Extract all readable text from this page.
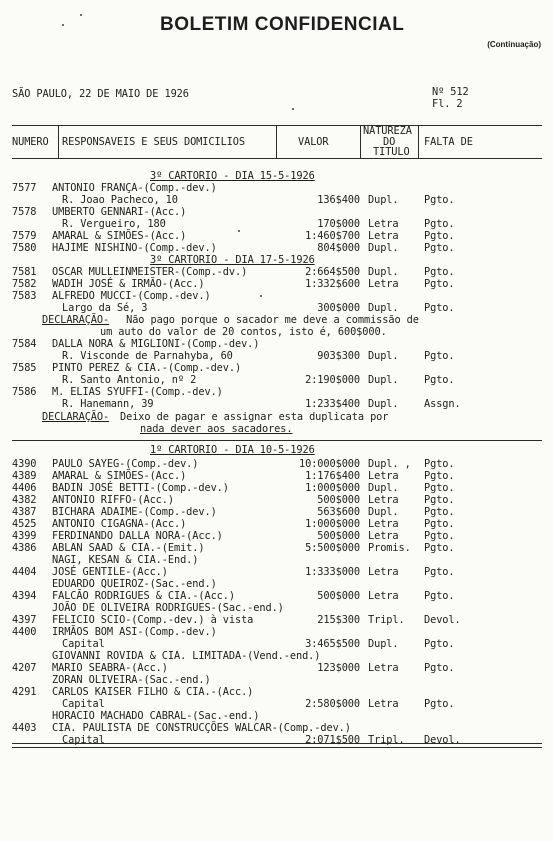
BOLETIM CONFIDENCIAL
(Continuação)
SÃO PAULO, 22 DE MAIO DE 1926	Nº 512
Fl. 2
NUMERO RESPONSAVEIS E SEUS DOMICILIOS	VALOR
NATUREZA
DO
TITULO
FALTA DE
3º CARTORIO - DIA 15-5-1926
3º CARTORIO - DIA 17-5-1926
1º CARTORIO - DIA 10-5-1926
DECLARAÇÃO- Não pago porque o sacador me deve a commissão de
um auto do valor de 20 contos, isto é, 600$000.
DECLARAÇÃO- Deixo de pagar e assignar esta duplicata por
nada dever aos sacadores.
7577 ANTONIO FRANÇA-(Comp.-dev.)
R. Joao Pacheco, 10	136$400 Dupl. Pgto.
7578 UMBERTO GENNARI-(Acc.)
R. Vergueiro, 180	170$000 Letra Pgto.
7579 AMARAL & SIMÕES-(Acc.)	1:460$700 Letra Pgto.
7580 HAJIME NISHINO-(Comp.-dev.)	804$000 Dupl. Pgto.
7581 OSCAR MULLEINMEISTER-(Comp.-dv.)	2:664$500 Dupl. Pgto.
7582 WADIH JOSÉ & IRMÃO-(Acc.)	1:332$600 Letra Pgto.
7583 ALFREDO MUCCI-(Comp.-dev.)
Largo da Sé, 3	300$000 Dupl. Pgto.
7584 DALLA NORA & MIGLIONI-(Comp.-dev.)
R. Visconde de Parnahyba, 60	903$300 Dupl. Pgto.
7585 PINTO PEREZ & CIA.-(Comp.-dev.)
R. Santo Antonio, nº 2	2:190$000 Dupl. Pgto.
7586 M. ELIAS SYUFFI-(Comp.-dev.)
R. Hanemann, 39	1:233$400 Dupl. Assgn.
4390 PAULO SAYEG-(Comp.-dev.)	10:000$000 Dupl. , Pgto.
4389 AMARAL & SIMÕES-(Acc.)	1:176$400 Letra Pgto.
4406 BADIN JOSÉ BETTI-(Comp.-dev.)	1:000$000 Dupl. Pgto.
4382 ANTONIO RIFFO-(Acc.)	500$000 Letra Pgto.
4387 BICHARA ADAIME-(Comp.-dev.)	563$600 Dupl. Pgto.
4525 ANTONIO CIGAGNA-(Acc.)	1:000$000 Letra Pgto.
4399 FERDINANDO DALLA NORA-(Acc.)	500$000 Letra Pgto.
4386 ABLAN SAAD & CIA.-(Emit.)	5:500$000 Promis. Pgto.
NAGI, KESAN & CIA.-End.)
4404 JOSÉ GENTILE-(Acc.)	1:333$000 Letra Pgto.
EDUARDO QUEIROZ-(Sac.-end.)
4394 FALCÃO RODRIGUES & CIA.-(Acc.)	500$000 Letra Pgto.
JOÃO DE OLIVEIRA RODRIGUES-(Sac.-end.)
4397 FELICIO SCIO-(Comp.-dev.) à vista	215$300 Tripl. Devol.
4400 IRMÃOS BOM ASI-(Comp.-dev.)
Capital	3:465$500 Dupl. Pgto.
GIOVANNI ROVIDA & CIA. LIMITADA-(Vend.-end.)
4207 MARIO SEABRA-(Acc.)	123$000 Letra Pgto.
ZORAN OLIVEIRA-(Sac.-end.)
4291 CARLOS KAISER FILHO & CIA.-(Acc.)
Capital	2:580$000 Letra Pgto.
HORACIO MACHADO CABRAL-(Sac.-end.)
4403 CIA. PAULISTA DE CONSTRUCÇÕES WALCAR-(Comp.-dev.)
Capital	2:071$500 Tripl. Devol.
